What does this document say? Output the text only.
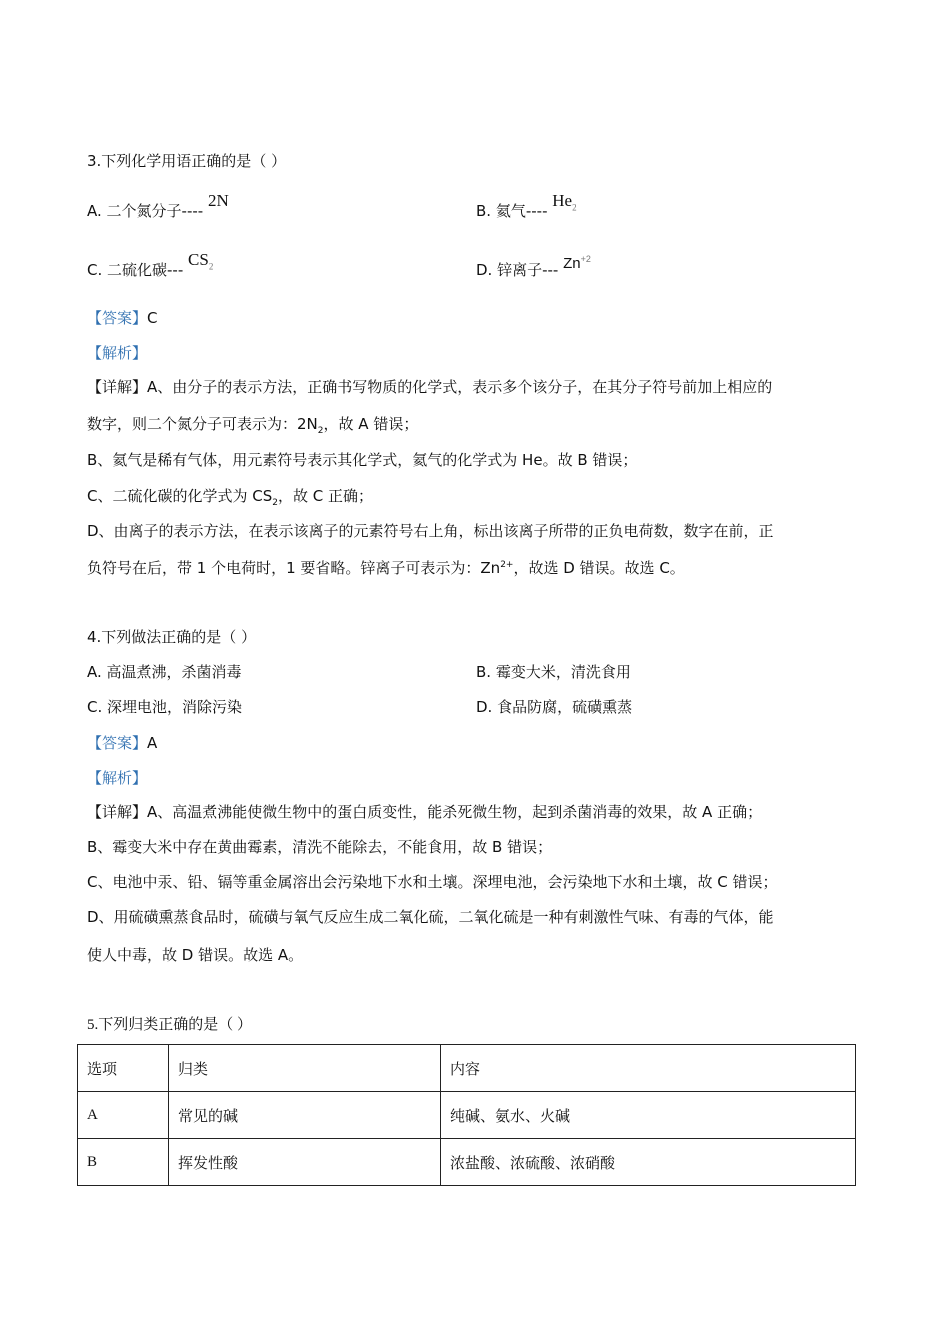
3.下列化学用语正确的是（ ）
A. 二个氮分子---- 2N
B. 氦气---- $He_2$
C. 二硫化碳--- $CS_2$	D. 锌离子--- $Zn^{+2}$
【答案】C
【解析】
【详解】A、由分子的表示方法，正确书写物质的化学式，表示多个该分子，在其分子符号前加上相应的
数字，则二个氮分子可表示为：$2N_2$，故 A 错误；
B、氦气是稀有气体，用元素符号表示其化学式，氦气的化学式为 He。故 B 错误；
C、二硫化碳的化学式为 $CS_2$，故 C 正确；
D、由离子的表示方法，在表示该离子的元素符号右上角，标出该离子所带的正负电荷数，数字在前，正
负符号在后，带 1 个电荷时，1 要省略。锌离子可表示为：$Zn^{2+}$，故选 D 错误。故选 C。
4.下列做法正确的是（ ）
A. 高温煮沸，杀菌消毒	B. 霉变大米，清洗食用
C. 深埋电池，消除污染	D. 食品防腐，硫磺熏蒸
【答案】A
【解析】
【详解】A、高温煮沸能使微生物中的蛋白质变性，能杀死微生物，起到杀菌消毒的效果，故 A 正确；
B、霉变大米中存在黄曲霉素，清洗不能除去，不能食用，故 B 错误；
C、电池中汞、铅、镉等重金属溶出会污染地下水和土壤。深埋电池，会污染地下水和土壤，故 C 错误；
D、用硫磺熏蒸食品时，硫磺与氧气反应生成二氧化硫，二氧化硫是一种有刺激性气味、有毒的气体，能
使人中毒，故 D 错误。故选 A。
5.下列归类正确的是（ ）
选项	归类	内容
A	常见的碱	纯碱、氨水、火碱
B	挥发性酸	浓盐酸、浓硫酸、浓硝酸
